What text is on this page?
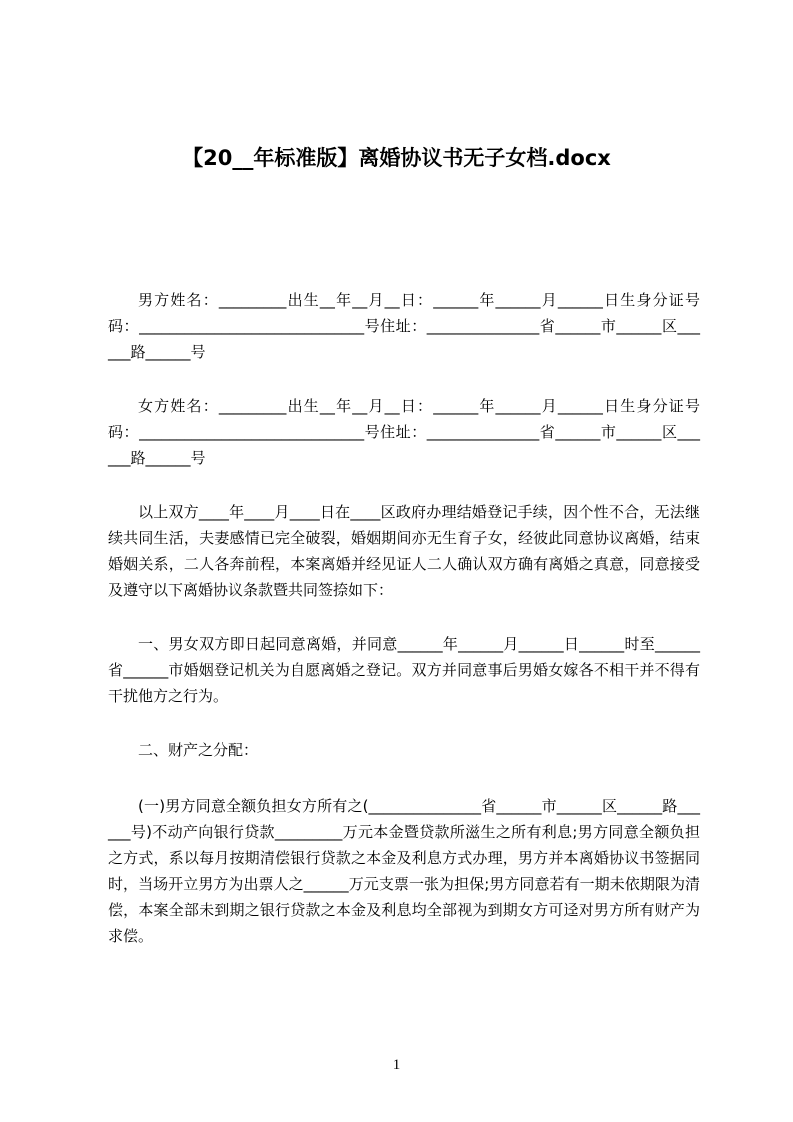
【20__年标准版】离婚协议书无子女档.docx

男方姓名：_________出生__年__月__日：______年______月______日生身分证号码：______________________________号住址：_______________省______市______区______路______号

女方姓名：_________出生__年__月__日：______年______月______日生身分证号码：______________________________号住址：_______________省______市______区______路______号

以上双方____年____月____日在____区政府办理结婚登记手续，因个性不合，无法继续共同生活，夫妻感情已完全破裂，婚姻期间亦无生育子女，经彼此同意协议离婚，结束婚姻关系，二人各奔前程，本案离婚并经见证人二人确认双方确有离婚之真意，同意接受及遵守以下离婚协议条款暨共同签捺如下：

一、男女双方即日起同意离婚，并同意______年______月______日______时至______省______市婚姻登记机关为自愿离婚之登记。双方并同意事后男婚女嫁各不相干并不得有干扰他方之行为。

二、财产之分配：

(一)男方同意全额负担女方所有之(_______________省______市______区______路______号)不动产向银行贷款_________万元本金暨贷款所滋生之所有利息;男方同意全额负担之方式，系以每月按期清偿银行贷款之本金及利息方式办理，男方并本离婚协议书签据同时，当场开立男方为出票人之______万元支票一张为担保;男方同意若有一期未依期限为清偿，本案全部未到期之银行贷款之本金及利息均全部视为到期女方可迳对男方所有财产为求偿。

1
